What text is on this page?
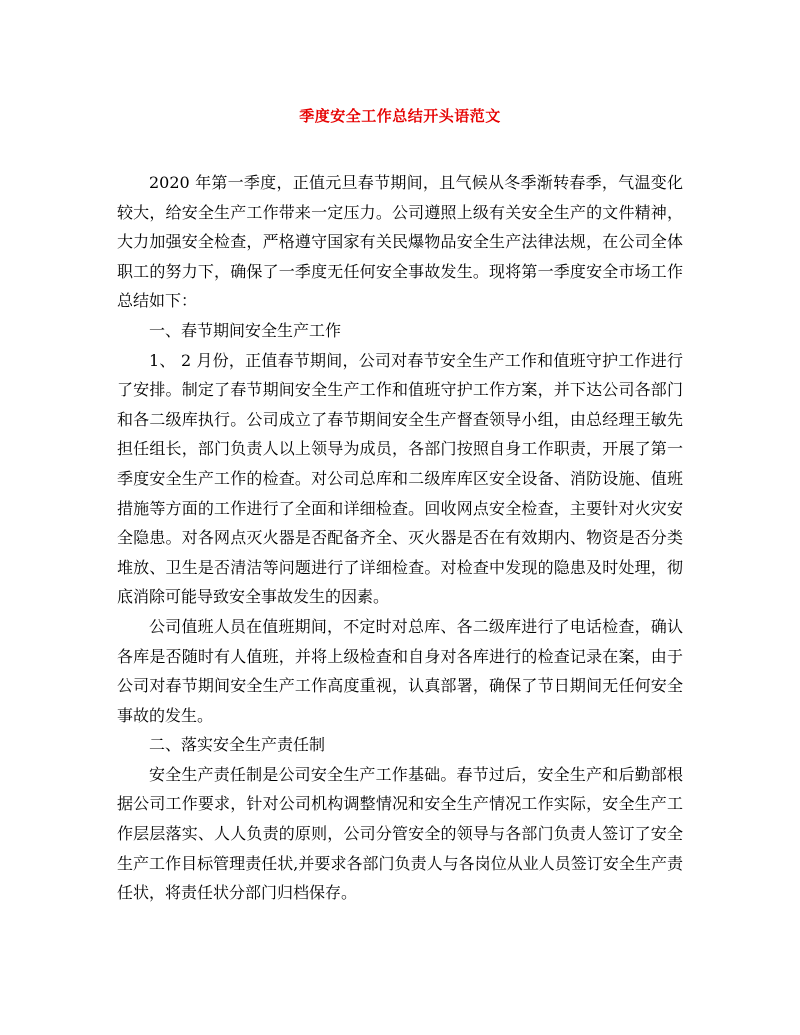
季度安全工作总结开头语范文

2020 年第一季度，正值元旦春节期间，且气候从冬季渐转春季，气温变化较大，给安全生产工作带来一定压力。公司遵照上级有关安全生产的文件精神，大力加强安全检查，严格遵守国家有关民爆物品安全生产法律法规，在公司全体职工的努力下，确保了一季度无任何安全事故发生。现将第一季度安全市场工作总结如下：

一、春节期间安全生产工作

1、 2 月份，正值春节期间，公司对春节安全生产工作和值班守护工作进行了安排。制定了春节期间安全生产工作和值班守护工作方案，并下达公司各部门和各二级库执行。公司成立了春节期间安全生产督查领导小组，由总经理王敏先担任组长，部门负责人以上领导为成员，各部门按照自身工作职责，开展了第一季度安全生产工作的检查。对公司总库和二级库库区安全设备、消防设施、值班措施等方面的工作进行了全面和详细检查。回收网点安全检查，主要针对火灾安全隐患。对各网点灭火器是否配备齐全、灭火器是否在有效期内、物资是否分类堆放、卫生是否清洁等问题进行了详细检查。对检查中发现的隐患及时处理，彻底消除可能导致安全事故发生的因素。

公司值班人员在值班期间，不定时对总库、各二级库进行了电话检查，确认各库是否随时有人值班，并将上级检查和自身对各库进行的检查记录在案，由于公司对春节期间安全生产工作高度重视，认真部署，确保了节日期间无任何安全事故的发生。

二、落实安全生产责任制

安全生产责任制是公司安全生产工作基础。春节过后，安全生产和后勤部根据公司工作要求，针对公司机构调整情况和安全生产情况工作实际，安全生产工作层层落实、人人负责的原则，公司分管安全的领导与各部门负责人签订了安全生产工作目标管理责任状,并要求各部门负责人与各岗位从业人员签订安全生产责任状，将责任状分部门归档保存。
